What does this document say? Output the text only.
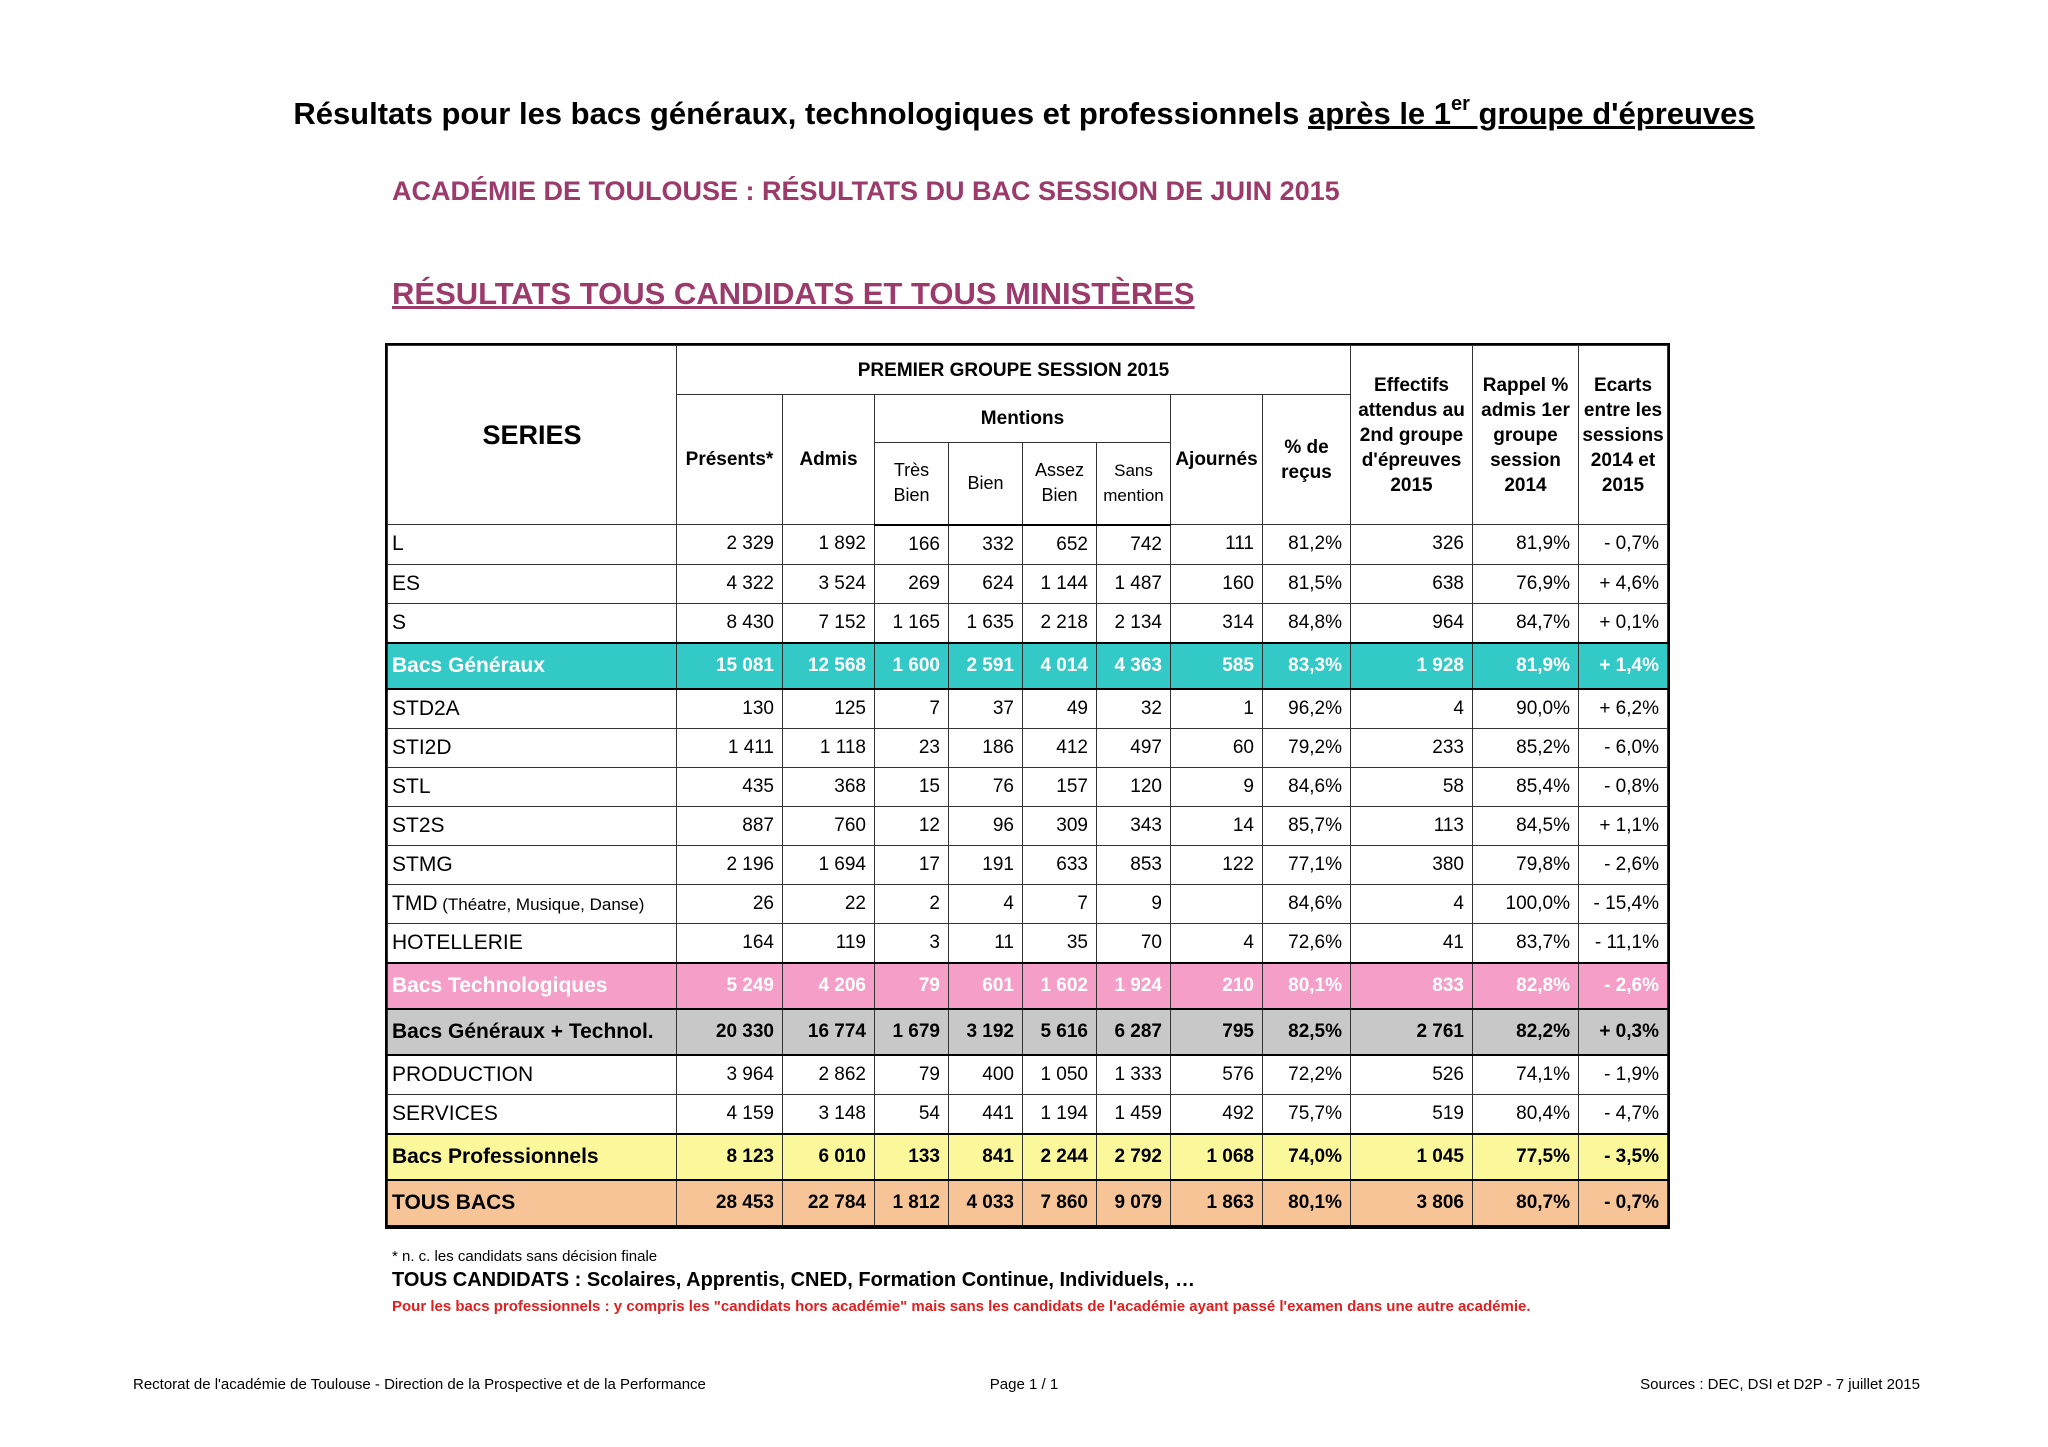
Résultats pour les bacs généraux, technologiques et professionnels après le 1er groupe d'épreuves
ACADÉMIE DE TOULOUSE : RÉSULTATS DU BAC SESSION DE JUIN 2015
RÉSULTATS TOUS CANDIDATS ET TOUS MINISTÈRES
SERIES	PREMIER GROUPE SESSION 2015								Effectifs attendus au 2nd groupe d'épreuves 2015	Rappel % admis 1er groupe session 2014	Ecarts entre les sessions 2014 et 2015
	Présents*	Admis	Mentions				Ajournés	% de reçus			
			Très Bien	Bien	Assez Bien	Sans mention					
L	2 329	1 892	166	332	652	742	111	81,2%	326	81,9%	- 0,7%
ES	4 322	3 524	269	624	1 144	1 487	160	81,5%	638	76,9%	+ 4,6%
S	8 430	7 152	1 165	1 635	2 218	2 134	314	84,8%	964	84,7%	+ 0,1%
Bacs Généraux	15 081	12 568	1 600	2 591	4 014	4 363	585	83,3%	1 928	81,9%	+ 1,4%
STD2A	130	125	7	37	49	32	1	96,2%	4	90,0%	+ 6,2%
STI2D	1 411	1 118	23	186	412	497	60	79,2%	233	85,2%	- 6,0%
STL	435	368	15	76	157	120	9	84,6%	58	85,4%	- 0,8%
ST2S	887	760	12	96	309	343	14	85,7%	113	84,5%	+ 1,1%
STMG	2 196	1 694	17	191	633	853	122	77,1%	380	79,8%	- 2,6%
TMD (Théatre, Musique, Danse)	26	22	2	4	7	9		84,6%	4	100,0%	- 15,4%
HOTELLERIE	164	119	3	11	35	70	4	72,6%	41	83,7%	- 11,1%
Bacs Technologiques	5 249	4 206	79	601	1 602	1 924	210	80,1%	833	82,8%	- 2,6%
Bacs Généraux + Technol.	20 330	16 774	1 679	3 192	5 616	6 287	795	82,5%	2 761	82,2%	+ 0,3%
PRODUCTION	3 964	2 862	79	400	1 050	1 333	576	72,2%	526	74,1%	- 1,9%
SERVICES	4 159	3 148	54	441	1 194	1 459	492	75,7%	519	80,4%	- 4,7%
Bacs Professionnels	8 123	6 010	133	841	2 244	2 792	1 068	74,0%	1 045	77,5%	- 3,5%
TOUS BACS	28 453	22 784	1 812	4 033	7 860	9 079	1 863	80,1%	3 806	80,7%	- 0,7%
* n. c. les candidats sans décision finale
TOUS CANDIDATS : Scolaires, Apprentis, CNED, Formation Continue, Individuels, …
Pour les bacs professionnels : y compris les "candidats hors académie" mais sans les candidats de l'académie ayant passé l'examen dans une autre académie.
Rectorat de l'académie de Toulouse - Direction de la Prospective et de la Performance	Page 1 / 1	Sources : DEC, DSI et D2P - 7 juillet 2015
